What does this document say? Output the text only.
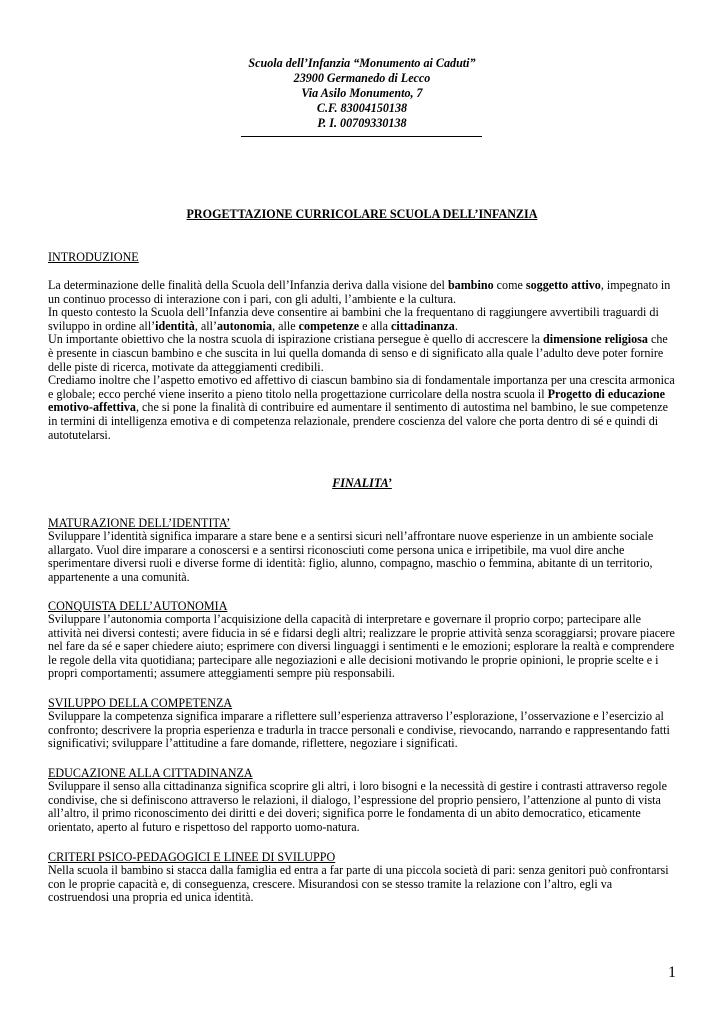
Scuola dell’Infanzia “Monumento ai Caduti”
23900 Germanedo di Lecco
Via Asilo Monumento, 7
C.F. 83004150138
P. I. 00709330138
PROGETTAZIONE CURRICOLARE SCUOLA DELL’INFANZIA
INTRODUZIONE

La determinazione delle finalità della Scuola dell’Infanzia deriva dalla visione del bambino come soggetto attivo, impegnato in un continuo processo di interazione con i pari, con gli adulti, l’ambiente e la cultura.

In questo contesto la Scuola dell’Infanzia deve consentire ai bambini che la frequentano di raggiungere avvertibili traguardi di sviluppo in ordine all’identità, all’autonomia, alle competenze e alla cittadinanza.

Un importante obiettivo che la nostra scuola di ispirazione cristiana persegue è quello di accrescere la dimensione religiosa che è presente in ciascun bambino e che suscita in lui quella domanda di senso e di significato alla quale l’adulto deve poter fornire delle piste di ricerca, motivate da atteggiamenti credibili.

Crediamo inoltre che l’aspetto emotivo ed affettivo di ciascun bambino sia di fondamentale importanza per una crescita armonica e globale; ecco perché viene inserito a pieno titolo nella progettazione curricolare della nostra scuola il Progetto di educazione emotivo-affettiva, che si pone la finalità di contribuire ed aumentare il sentimento di autostima nel bambino, le sue competenze in termini di intelligenza emotiva e di competenza relazionale, prendere coscienza del valore che porta dentro di sé e quindi di autotutelarsi.

FINALITA’
MATURAZIONE DELL’IDENTITA’
Sviluppare l’identità significa imparare a stare bene e a sentirsi sicuri nell’affrontare nuove esperienze in un ambiente sociale allargato. Vuol dire imparare a conoscersi e a sentirsi riconosciuti come persona unica e irripetibile, ma vuol dire anche sperimentare diversi ruoli e diverse forme di identità: figlio, alunno, compagno, maschio o femmina, abitante di un territorio, appartenente a una comunità.
CONQUISTA DELL’AUTONOMIA
Sviluppare l’autonomia comporta l’acquisizione della capacità di interpretare e governare il proprio corpo; partecipare alle attività nei diversi contesti; avere fiducia in sé e fidarsi degli altri; realizzare le proprie attività senza scoraggiarsi; provare piacere nel fare da sé e saper chiedere aiuto; esprimere con diversi linguaggi i sentimenti e le emozioni; esplorare la realtà e comprendere le regole della vita quotidiana; partecipare alle negoziazioni e alle decisioni motivando le proprie opinioni, le proprie scelte e i propri comportamenti; assumere atteggiamenti sempre più responsabili.
SVILUPPO DELLA COMPETENZA
Sviluppare la competenza significa imparare a riflettere sull’esperienza attraverso l’esplorazione, l’osservazione e l’esercizio al confronto; descrivere la propria esperienza e tradurla in tracce personali e condivise, rievocando, narrando e rappresentando fatti significativi; sviluppare l’attitudine a fare domande, riflettere, negoziare i significati.
EDUCAZIONE ALLA CITTADINANZA
Sviluppare il senso alla cittadinanza significa scoprire gli altri, i loro bisogni e la necessità di gestire i contrasti attraverso regole condivise, che si definiscono attraverso le relazioni, il dialogo, l’espressione del proprio pensiero, l’attenzione al punto di vista all’altro, il primo riconoscimento dei diritti e dei doveri; significa porre le fondamenta di un abito democratico, eticamente orientato, aperto al futuro e rispettoso del rapporto uomo-natura.
CRITERI PSICO-PEDAGOGICI E LINEE DI SVILUPPO
Nella scuola il bambino si stacca dalla famiglia ed entra a far parte di una piccola società di pari: senza genitori può confrontarsi con le proprie capacità e, di conseguenza, crescere. Misurandosi con se stesso tramite la relazione con l’altro, egli va costruendosi una propria ed unica identità.
1
